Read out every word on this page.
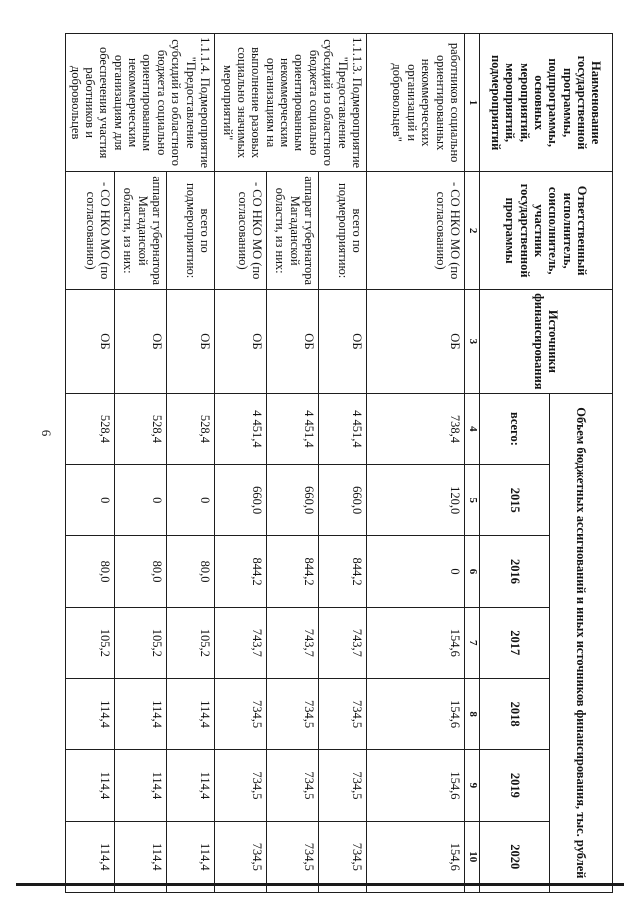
6
Наименование государственной программы, подпрограммы, основных мероприятий, мероприятий, подмероприятий	Ответственный исполнитель, соисполнитель, участник государственной программы	Источники финансирования	Объем бюджетных ассигнований и иных источников финансирования, тыс. рублей						
			всего:	2015	2016	2017	2018	2019	2020
1	2	3	4	5	6	7	8	9	10
работников социально ориентированных некоммерческих организаций и добровольцев"	- СО НКО МО (по согласованию)	ОБ	738,4	120,0	0	154,6	154,6	154,6	154,6
1.1.1.3. Подмероприятие "Предоставление субсидий из областного бюджета социально ориентированным некоммерческим организациям на выполнение разовых социально значимых мероприятий"	всего по подмероприятию:	ОБ	4 451,4	660,0	844,2	743,7	734,5	734,5	734,5
	аппарат губернатора Магаданской области, из них:	ОБ	4 451,4	660,0	844,2	743,7	734,5	734,5	734,5
	- СО НКО МО (по согласованию)	ОБ	4 451,4	660,0	844,2	743,7	734,5	734,5	734,5
1.1.1.4. Подмероприятие "Предоставление субсидий из областного бюджета социально ориентированным некоммерческим организациям для обеспечения участия работников и добровольцев	всего по подмероприятию:	ОБ	528,4	0	80,0	105,2	114,4	114,4	114,4
	аппарат губернатора Магаданской области, из них:	ОБ	528,4	0	80,0	105,2	114,4	114,4	114,4
	- СО НКО МО (по согласованию)	ОБ	528,4	0	80,0	105,2	114,4	114,4	114,4
